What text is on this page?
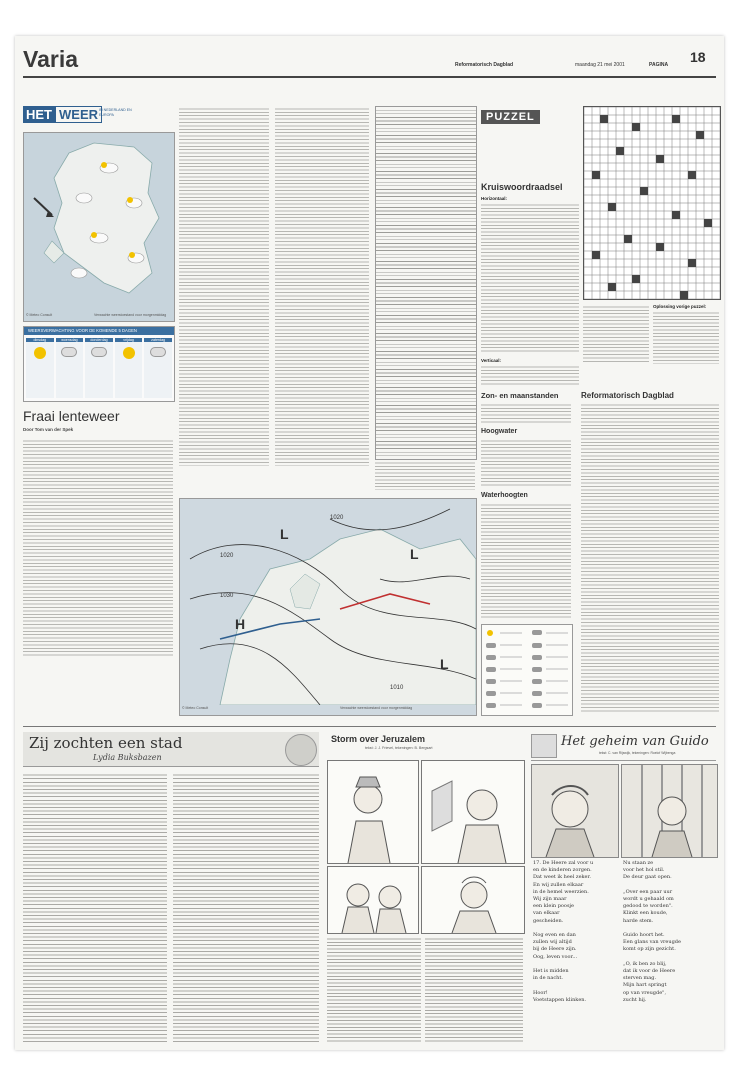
Varia	Reformatorisch Dagblad	maandag 21 mei 2001	PAGINA 18
HET WEER IN NEDERLAND EN EUROPA
© Meteo Consult	Verwachte weerstoestand voor morgenmiddag
WEERSVERWACHTING VOOR DE KOMENDE 5 DAGEN
dinsdag	woensdag	donderdag	vrijdag	zaterdag
Fraai lenteweer
Door Tom van der Spek
L
L
H
L
1020
1030
1010
1020
© Meteo Consult	Verwachte weerstoestand voor morgenmiddag
Zon- en maanstanden
Hoogwater
Waterhoogten
PUZZEL
Kruiswoordraadsel
Horizontaal:
Verticaal:
Oplossing vorige puzzel:
Reformatorisch Dagblad
Zij zochten een stad
Lydia Buksbazen
Storm over Jeruzalem
tekst: J. J. Frievel, tekeningen: B. Bergsart	Het geheim van Guido
tekst: C. van Rijswijk, tekeningen: Roelof Wijbenga
17. De Heere zal voor u
en de kinderen zorgen.
Dat weet ik heel zeker.
En wij zullen elkaar
in de hemel weerzien.
Wij zijn maar
een klein poosje
van elkaar
gescheiden.

Nog even en dan
zullen wij altijd
bij de Heere zijn.
Oog, leven voor...

Het is midden
in de nacht.

Hoor!
Voetstappen klinken.
Nu staan ze
voor het hol stil.
De deur gaat open.

„Over een paar uur
wordt u gehaald om
gedood te worden".
Klinkt een koude,
harde stem.

Guido hoort het.
Een glans van vreugde
komt op zijn gezicht.

„O, ik ben zo blij,
dat ik voor de Heere
sterven mag.
Mijn hart springt
op van vreugde",
zucht hij.
